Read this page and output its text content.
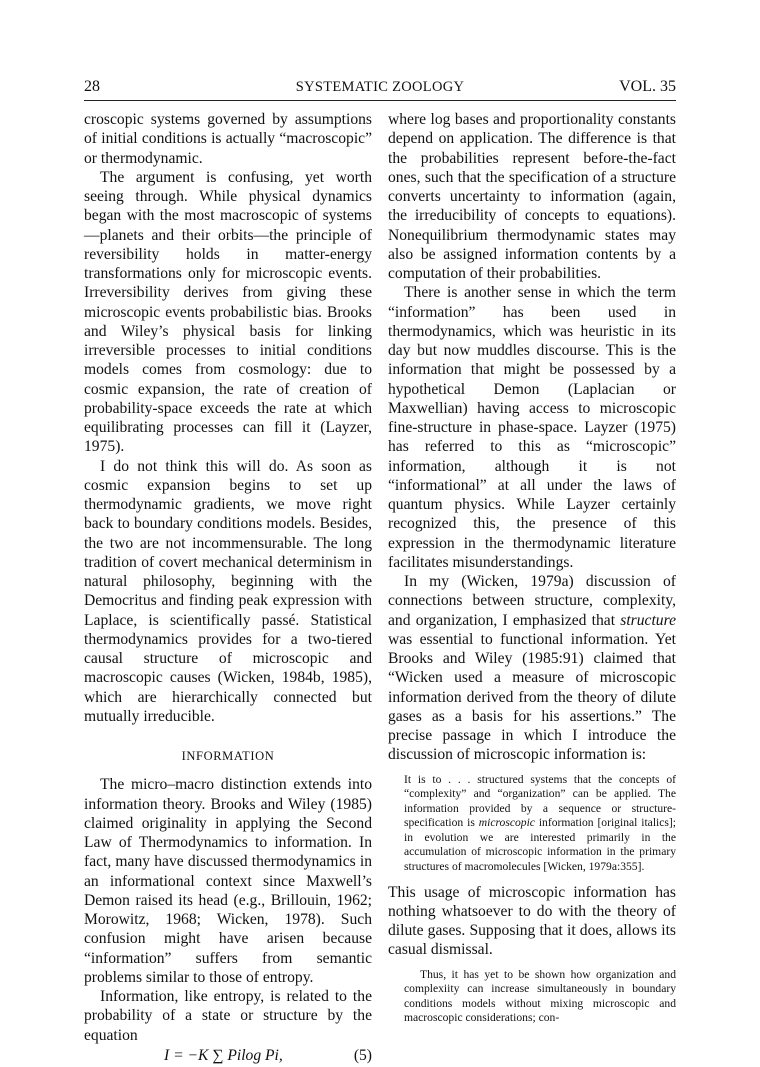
28	SYSTEMATIC ZOOLOGY	VOL. 35

croscopic systems governed by assumptions of initial conditions is actually “macroscopic” or thermodynamic.

The argument is confusing, yet worth seeing through. While physical dynamics began with the most macroscopic of systems—planets and their orbits—the principle of reversibility holds in matter-energy transformations only for microscopic events. Irreversibility derives from giving these microscopic events probabilistic bias. Brooks and Wiley’s physical basis for linking irreversible processes to initial conditions models comes from cosmology: due to cosmic expansion, the rate of creation of probability-space exceeds the rate at which equilibrating processes can fill it (Layzer, 1975).

I do not think this will do. As soon as cosmic expansion begins to set up thermodynamic gradients, we move right back to boundary conditions models. Besides, the two are not incommensurable. The long tradition of covert mechanical determinism in natural philosophy, beginning with the Democritus and finding peak expression with Laplace, is scientifically passé. Statistical thermodynamics provides for a two-tiered causal structure of microscopic and macroscopic causes (Wicken, 1984b, 1985), which are hierarchically connected but mutually irreducible.

INFORMATION

The micro–macro distinction extends into information theory. Brooks and Wiley (1985) claimed originality in applying the Second Law of Thermodynamics to information. In fact, many have discussed thermodynamics in an informational context since Maxwell’s Demon raised its head (e.g., Brillouin, 1962; Morowitz, 1968; Wicken, 1978). Such confusion might have arisen because “information” suffers from semantic problems similar to those of entropy.

Information, like entropy, is related to the probability of a state or structure by the equation

I = −K ∑ Pilog Pi,	(5)

where log bases and proportionality constants depend on application. The difference is that the probabilities represent before-the-fact ones, such that the specification of a structure converts uncertainty to information (again, the irreducibility of concepts to equations). Nonequilibrium thermodynamic states may also be assigned information contents by a computation of their probabilities.

There is another sense in which the term “information” has been used in thermodynamics, which was heuristic in its day but now muddles discourse. This is the information that might be possessed by a hypothetical Demon (Laplacian or Maxwellian) having access to microscopic fine-structure in phase-space. Layzer (1975) has referred to this as “microscopic” information, although it is not “informational” at all under the laws of quantum physics. While Layzer certainly recognized this, the presence of this expression in the thermodynamic literature facilitates misunderstandings.

In my (Wicken, 1979a) discussion of connections between structure, complexity, and organization, I emphasized that structure was essential to functional information. Yet Brooks and Wiley (1985:91) claimed that “Wicken used a measure of microscopic information derived from the theory of dilute gases as a basis for his assertions.” The precise passage in which I introduce the discussion of microscopic information is:

It is to . . . structured systems that the concepts of “complexity” and “organization” can be applied. The information provided by a sequence or structure-specification is microscopic information [original italics]; in evolution we are interested primarily in the accumulation of microscopic information in the primary structures of macromolecules [Wicken, 1979a:355].

This usage of microscopic information has nothing whatsoever to do with the theory of dilute gases. Supposing that it does, allows its casual dismissal.

Thus, it has yet to be shown how organization and complexiity can increase simultaneously in boundary conditions models without mixing microscopic and macroscopic considerations; con-
